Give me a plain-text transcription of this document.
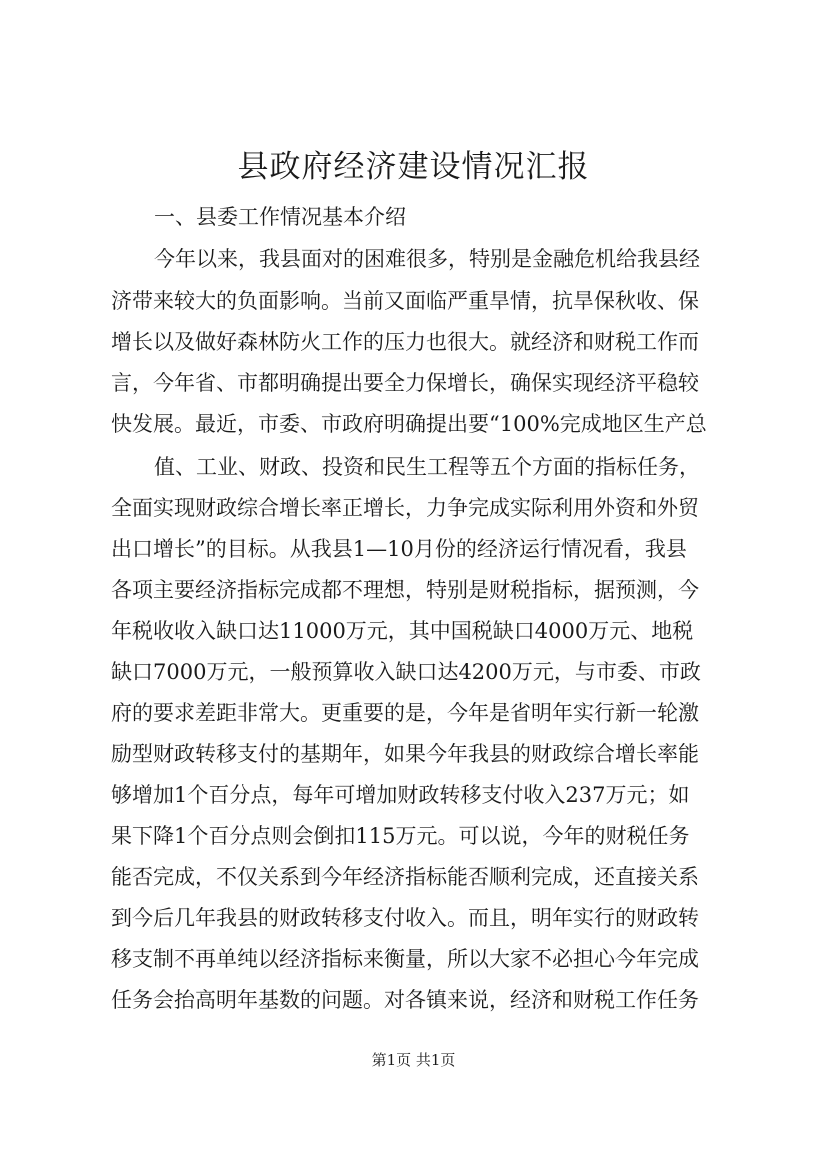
县政府经济建设情况汇报
一、县委工作情况基本介绍
今年以来，我县面对的困难很多，特别是金融危机给我县经
济带来较大的负面影响。当前又面临严重旱情，抗旱保秋收、保
增长以及做好森林防火工作的压力也很大。就经济和财税工作而
言，今年省、市都明确提出要全力保增长，确保实现经济平稳较
快发展。最近，市委、市政府明确提出要“100%完成地区生产总
值、工业、财政、投资和民生工程等五个方面的指标任务，
全面实现财政综合增长率正增长，力争完成实际利用外资和外贸
出口增长”的目标。从我县1—10月份的经济运行情况看，我县
各项主要经济指标完成都不理想，特别是财税指标，据预测，今
年税收收入缺口达11000万元，其中国税缺口4000万元、地税
缺口7000万元，一般预算收入缺口达4200万元，与市委、市政
府的要求差距非常大。更重要的是，今年是省明年实行新一轮激
励型财政转移支付的基期年，如果今年我县的财政综合增长率能
够增加1个百分点，每年可增加财政转移支付收入237万元；如
果下降1个百分点则会倒扣115万元。可以说，今年的财税任务
能否完成，不仅关系到今年经济指标能否顺利完成，还直接关系
到今后几年我县的财政转移支付收入。而且，明年实行的财政转
移支制不再单纯以经济指标来衡量，所以大家不必担心今年完成
任务会抬高明年基数的问题。对各镇来说，经济和财税工作任务
第1页 共1页
